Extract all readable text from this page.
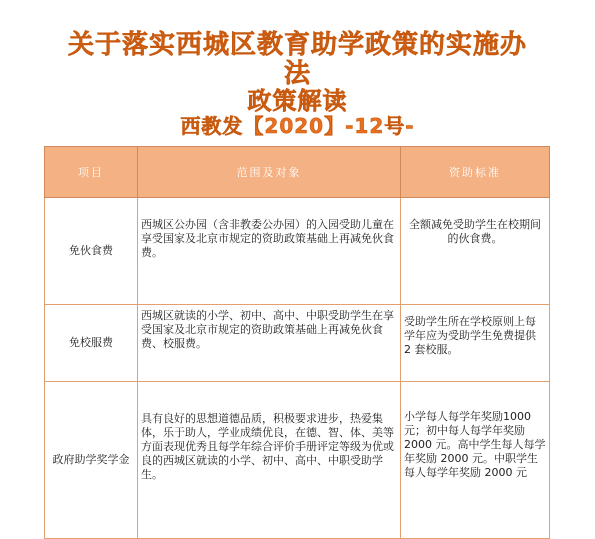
关于落实西城区教育助学政策的实施办
法
政策解读
西教发【2020】-12号-
项目	范围及对象	资助标准
免伙食费	西城区公办园（含非教委公办园）的入园受助儿童在享受国家及北京市规定的资助政策基础上再减免伙食费。	全额减免受助学生在校期间的伙食费。
免校服费	西城区就读的小学、初中、高中、中职受助学生在享受国家及北京市规定的资助政策基础上再减免伙食费、校服费。	受助学生所在学校原则上每学年应为受助学生免费提供 2 套校服。
政府助学奖学金	具有良好的思想道德品质，积极要求进步，热爱集体，乐于助人，学业成绩优良，在德、智、体、美等方面表现优秀且每学年综合评价手册评定等级为优或良的西城区就读的小学、初中、高中、中职受助学生。	小学每人每学年奖励1000元；初中每人每学年奖励2000 元。高中学生每人每学年奖励 2000 元。中职学生每人每学年奖励 2000 元
